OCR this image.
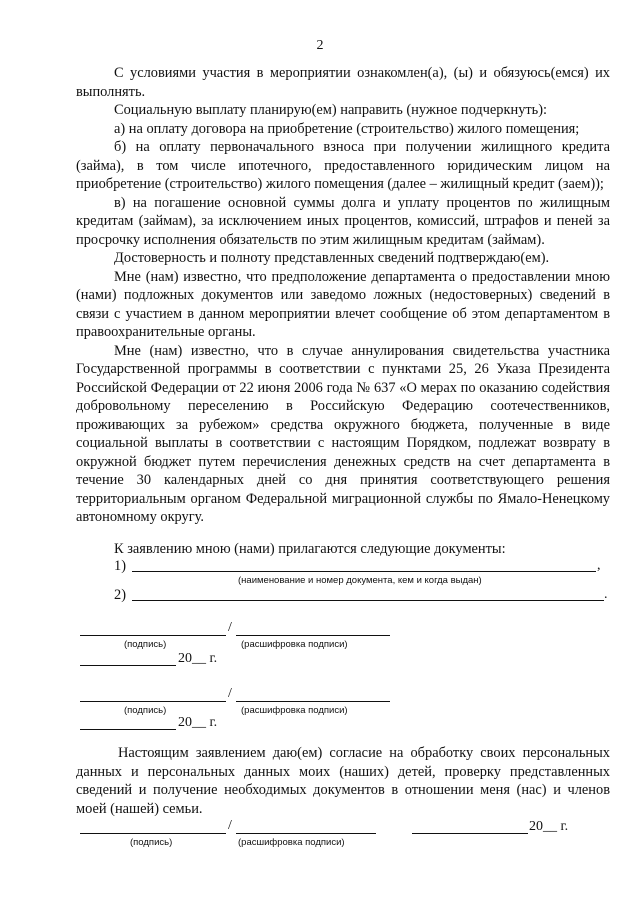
2

С условиями участия в мероприятии ознакомлен(а), (ы) и обязуюсь(емся) их выполнять.

Социальную выплату планирую(ем) направить (нужное подчеркнуть):

а) на оплату договора на приобретение (строительство) жилого помещения;

б) на оплату первоначального взноса при получении жилищного кредита (займа), в том числе ипотечного, предоставленного юридическим лицом на приобретение (строительство) жилого помещения (далее – жилищный кредит (заем));

в) на погашение основной суммы долга и уплату процентов по жилищным кредитам (займам), за исключением иных процентов, комиссий, штрафов и пеней за просрочку исполнения обязательств по этим жилищным кредитам (займам).

Достоверность и полноту представленных сведений подтверждаю(ем).

Мне (нам) известно, что предположение департамента о предоставлении мною (нами) подложных документов или заведомо ложных (недостоверных) сведений в связи с участием в данном мероприятии влечет сообщение об этом департаментом в правоохранительные органы.

Мне (нам) известно, что в случае аннулирования свидетельства участника Государственной программы в соответствии с пунктами 25, 26 Указа Президента Российской Федерации от 22 июня 2006 года № 637 «О мерах по оказанию содействия добровольному переселению в Российскую Федерацию соотечественников, проживающих за рубежом» средства окружного бюджета, полученные в виде социальной выплаты в соответствии с настоящим Порядком, подлежат возврату в окружной бюджет путем перечисления денежных средств на счет департамента в течение 30 календарных дней со дня принятия соответствующего решения территориальным органом Федеральной миграционной службы по Ямало-Ненецкому автономному округу.

К заявлению мною (нами) прилагаются следующие документы:
1)	,
(наименование и номер документа, кем и когда выдан)
2)	.
/
(подпись)	(расшифровка подписи)
20__ г.
/
(подпись)	(расшифровка подписи)
20__ г.

Настоящим заявлением даю(ем) согласие на обработку своих персональных данных и персональных данных моих (наших) детей, проверку представленных сведений и получение необходимых документов в отношении меня (нас) и членов моей (нашей) семьи.

/
(подпись)	(расшифровка подписи)
20__ г.
